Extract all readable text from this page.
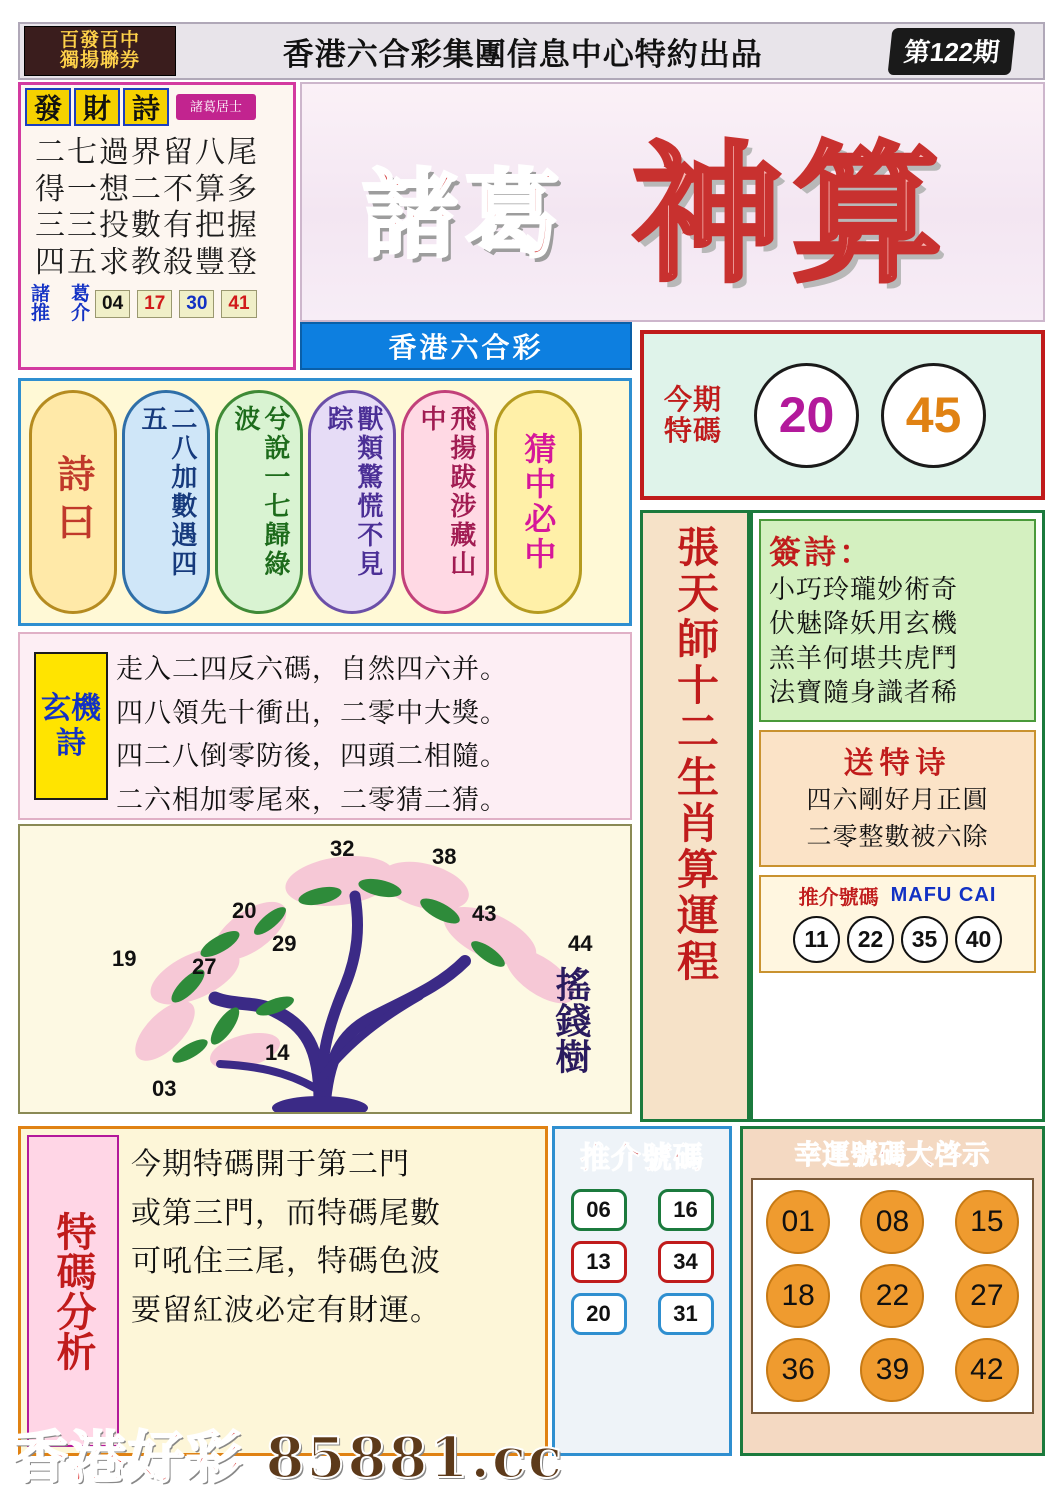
百發百中
獨揚聯券	香港六合彩集團信息中心特約出品	第122期
發 財 詩	諸葛居士
二七過界留八尾
得一想二不算多
三三投數有把握
四五求教殺豐登
諸　葛 推　介 04	17	30	41
諸葛 神算
香港六合彩
今期特碼	20	45
詩曰	二八加數遇四五	兮說一七歸綠波	獸類驚慌不見踪	飛揚跋涉藏山中
猜中必中
玄機詩
走入二四反六碼，自然四六并。
四八領先十衝出，二零中大獎。
四二八倒零防後，四頭二相隨。
二六相加零尾來，二零猜二猜。
32	38
20	43
29	44
19	27
14
03
搖錢樹
張天師十二生肖算運程 簽詩：
小巧玲瓏妙術奇
伏魅降妖用玄機
羔羊何堪共虎鬥
法寶隨身識者稀
送特诗
四六剛好月正圓
二零整數被六除
推介號碼 MAFU CAI
11	22	35	40
特碼分析
今期特碼開于第二門
或第三門，而特碼尾數
可吼住三尾，特碼色波
要留紅波必定有財運。
推介號碼
06	16
13	34
20	31
幸運號碼大啓示
01	08	15
18	22	27
36	39	42
香港好彩 85881.cc
